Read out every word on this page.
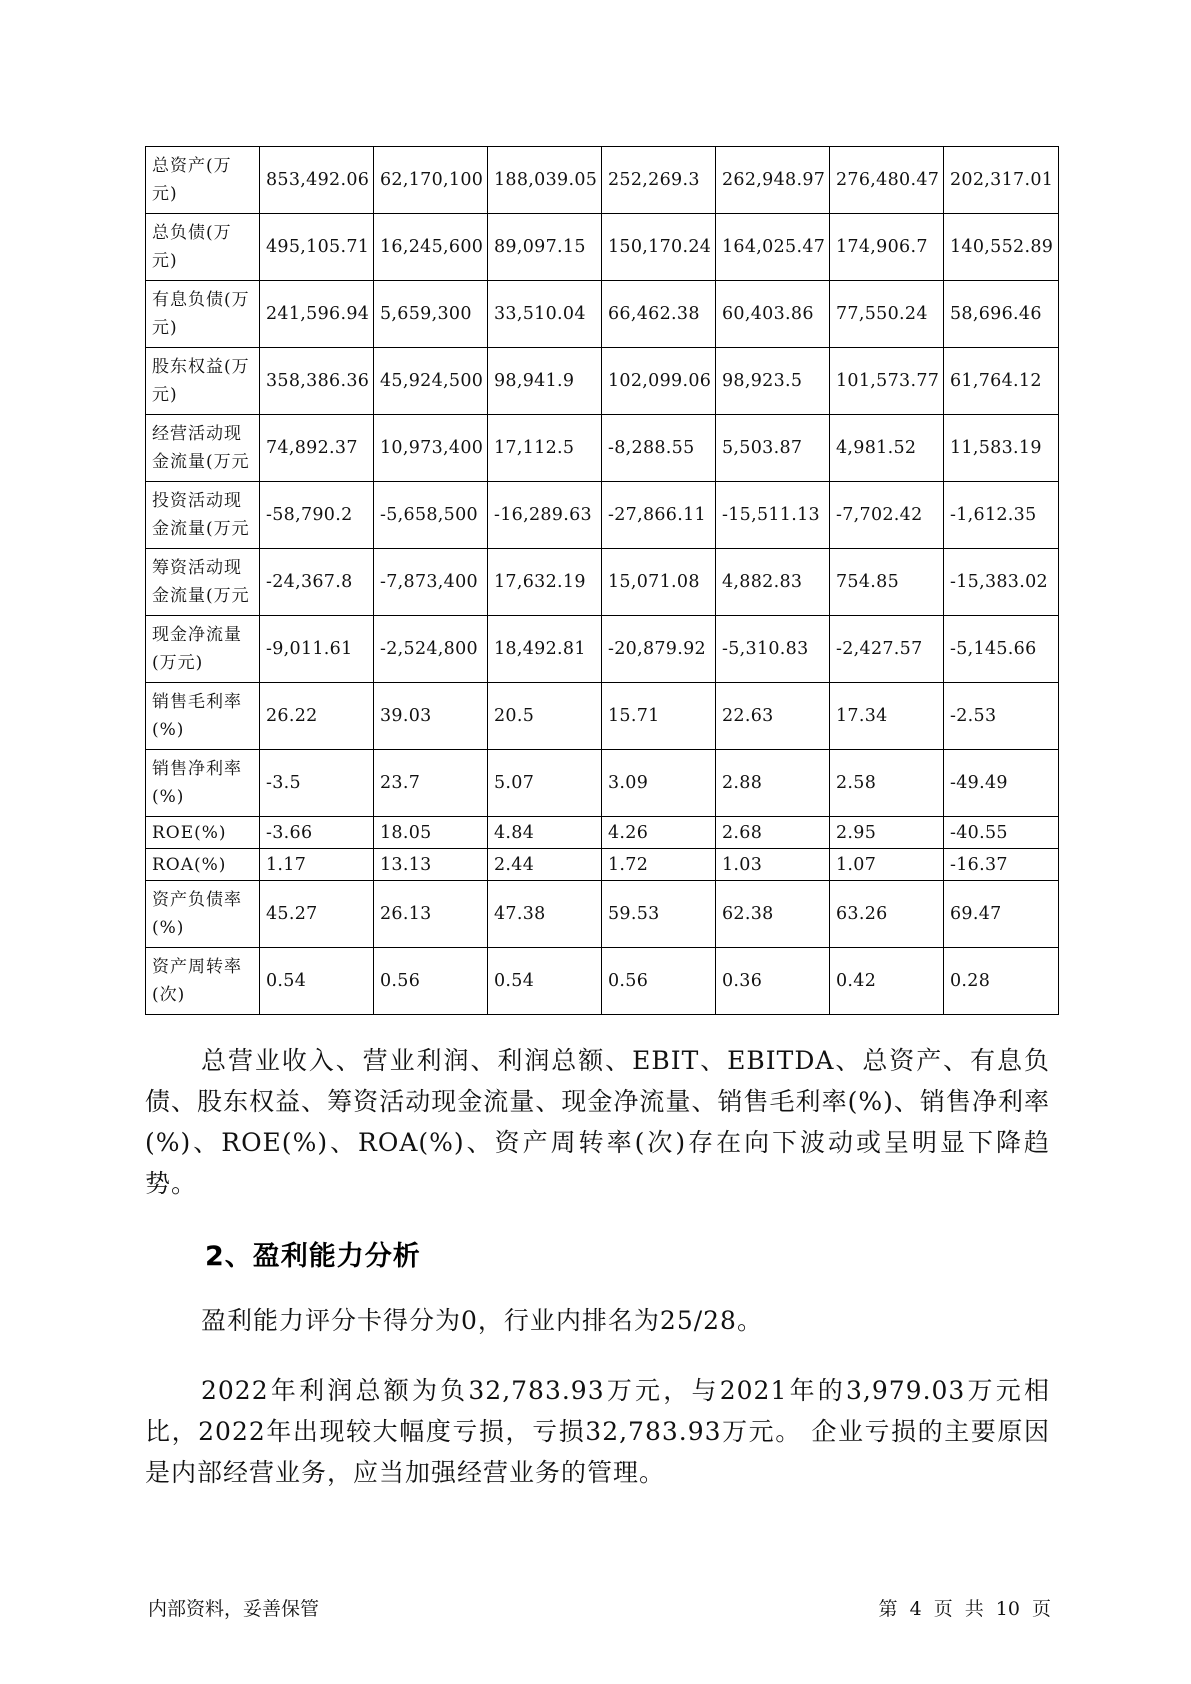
总资产(万元)	853,492.06	62,170,100	188,039.05	252,269.3	262,948.97	276,480.47	202,317.01
总负债(万元)	495,105.71	16,245,600	89,097.15	150,170.24	164,025.47	174,906.7	140,552.89
有息负债(万元)	241,596.94	5,659,300	33,510.04	66,462.38	60,403.86	77,550.24	58,696.46
股东权益(万元)	358,386.36	45,924,500	98,941.9	102,099.06	98,923.5	101,573.77	61,764.12
经营活动现金流量(万元	74,892.37	10,973,400	17,112.5	-8,288.55	5,503.87	4,981.52	11,583.19
投资活动现金流量(万元	-58,790.2	-5,658,500	-16,289.63	-27,866.11	-15,511.13	-7,702.42	-1,612.35
筹资活动现金流量(万元	-24,367.8	-7,873,400	17,632.19	15,071.08	4,882.83	754.85	-15,383.02
现金净流量(万元)	-9,011.61	-2,524,800	18,492.81	-20,879.92	-5,310.83	-2,427.57	-5,145.66
销售毛利率(%)	26.22	39.03	20.5	15.71	22.63	17.34	-2.53
销售净利率(%)	-3.5	23.7	5.07	3.09	2.88	2.58	-49.49
ROE(%)	-3.66	18.05	4.84	4.26	2.68	2.95	-40.55
ROA(%)	1.17	13.13	2.44	1.72	1.03	1.07	-16.37
资产负债率(%)	45.27	26.13	47.38	59.53	62.38	63.26	69.47
资产周转率(次)	0.54	0.56	0.54	0.56	0.36	0.42	0.28
总营业收入、营业利润、利润总额、EBIT、EBITDA、总资产、有息负债、股东权益、筹资活动现金流量、现金净流量、销售毛利率(%)、销售净利率(%)、ROE(%)、ROA(%)、资产周转率(次)存在向下波动或呈明显下降趋势。
2、盈利能力分析
盈利能力评分卡得分为0，行业内排名为25/28。
2022年利润总额为负32,783.93万元，与2021年的3,979.03万元相比，2022年出现较大幅度亏损，亏损32,783.93万元。 企业亏损的主要原因是内部经营业务，应当加强经营业务的管理。
内部资料，妥善保管	第 4 页 共 10 页
